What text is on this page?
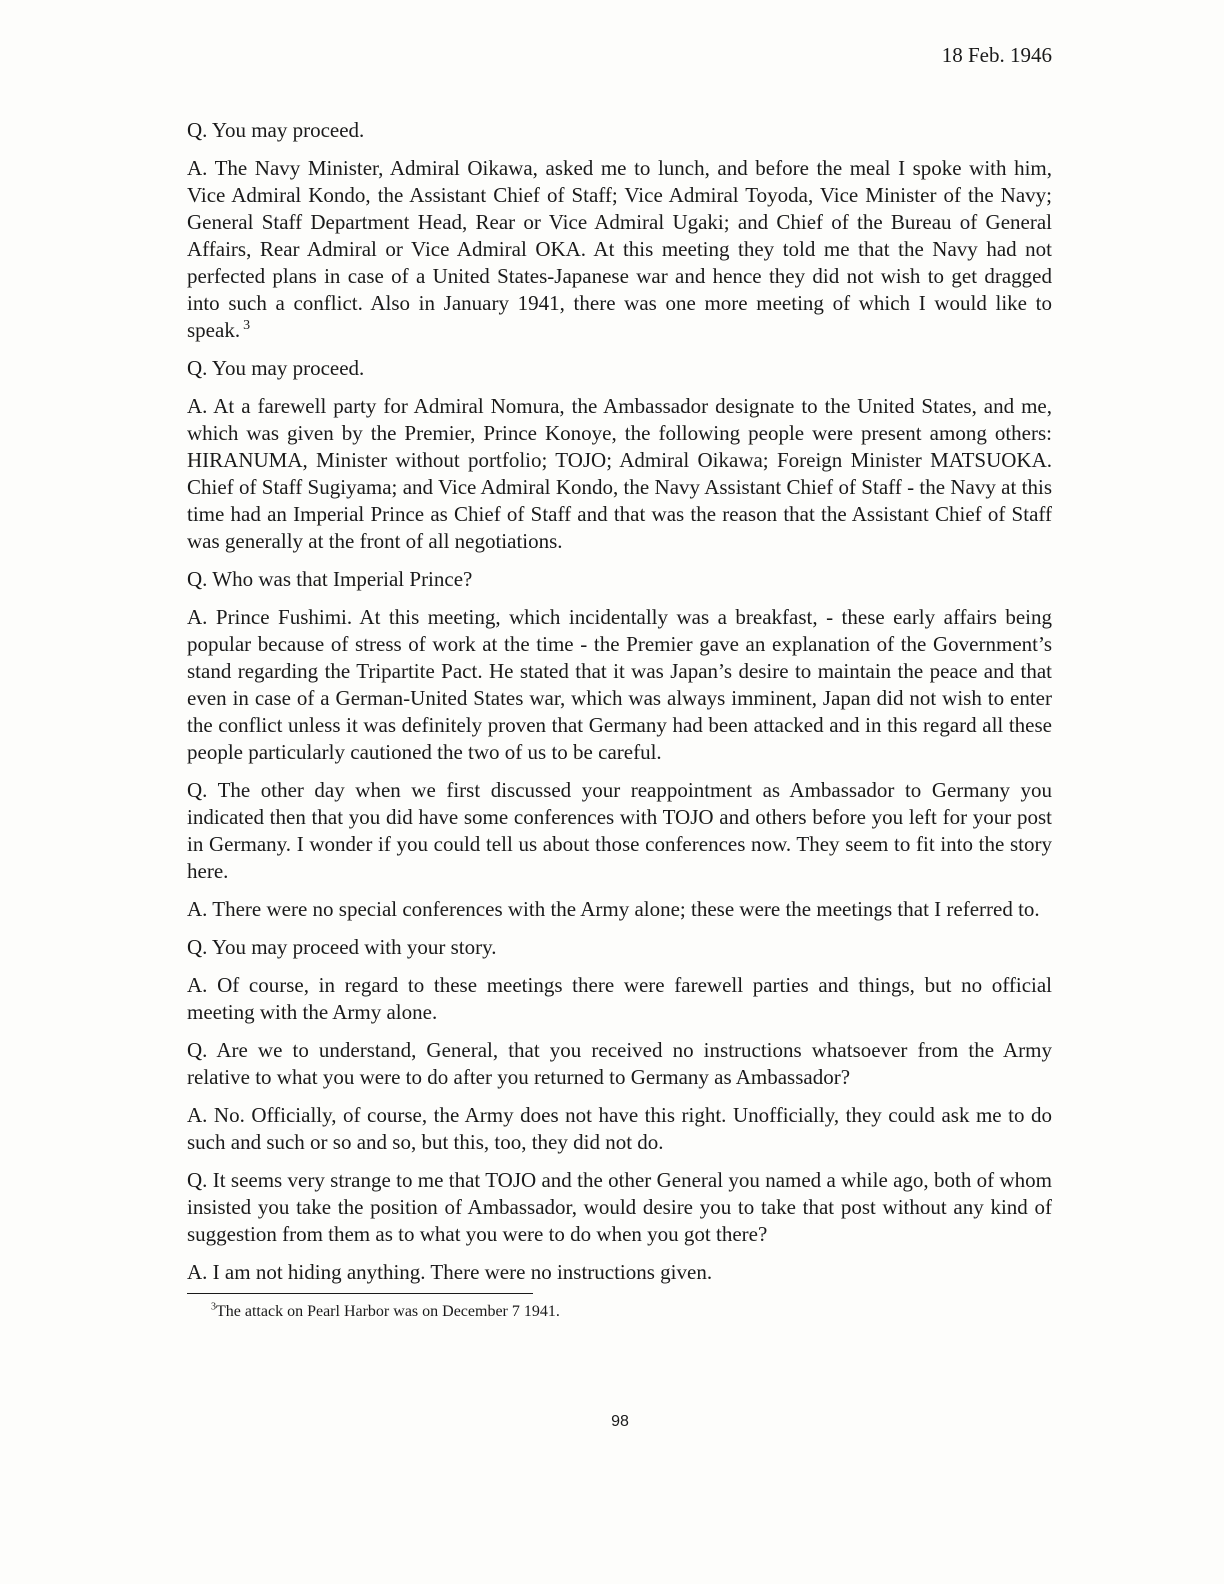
18 Feb. 1946

Q. You may proceed.

A. The Navy Minister, Admiral Oikawa, asked me to lunch, and before the meal I spoke with him, Vice Admiral Kondo, the Assistant Chief of Staff; Vice Admiral Toyoda, Vice Minister of the Navy; General Staff Department Head, Rear or Vice Admiral Ugaki; and Chief of the Bureau of General Affairs, Rear Admiral or Vice Admiral OKA. At this meeting they told me that the Navy had not perfected plans in case of a United States-Japanese war and hence they did not wish to get dragged into such a conflict. Also in January 1941, there was one more meeting of which I would like to speak. $^3$

Q. You may proceed.

A. At a farewell party for Admiral Nomura, the Ambassador designate to the United States, and me, which was given by the Premier, Prince Konoye, the following people were present among others: HIRANUMA, Minister without portfolio; TOJO; Admiral Oikawa; Foreign Minister MATSUOKA. Chief of Staff Sugiyama; and Vice Admiral Kondo, the Navy Assistant Chief of Staff - the Navy at this time had an Imperial Prince as Chief of Staff and that was the reason that the Assistant Chief of Staff was generally at the front of all negotiations.

Q. Who was that Imperial Prince?

A. Prince Fushimi. At this meeting, which incidentally was a breakfast, - these early affairs being popular because of stress of work at the time - the Premier gave an explanation of the Government’s stand regarding the Tripartite Pact. He stated that it was Japan’s desire to maintain the peace and that even in case of a German-United States war, which was always imminent, Japan did not wish to enter the conflict unless it was definitely proven that Germany had been attacked and in this regard all these people particularly cautioned the two of us to be careful.

Q. The other day when we first discussed your reappointment as Ambassador to Germany you indicated then that you did have some conferences with TOJO and others before you left for your post in Germany. I wonder if you could tell us about those conferences now. They seem to fit into the story here.

A. There were no special conferences with the Army alone; these were the meetings that I referred to.

Q. You may proceed with your story.

A. Of course, in regard to these meetings there were farewell parties and things, but no official meeting with the Army alone.

Q. Are we to understand, General, that you received no instructions whatsoever from the Army relative to what you were to do after you returned to Germany as Ambassador?

A. No. Officially, of course, the Army does not have this right. Unofficially, they could ask me to do such and such or so and so, but this, too, they did not do.

Q. It seems very strange to me that TOJO and the other General you named a while ago, both of whom insisted you take the position of Ambassador, would desire you to take that post without any kind of suggestion from them as to what you were to do when you got there?

A. I am not hiding anything. There were no instructions given.

$^3$The attack on Pearl Harbor was on December 7 1941.
98
